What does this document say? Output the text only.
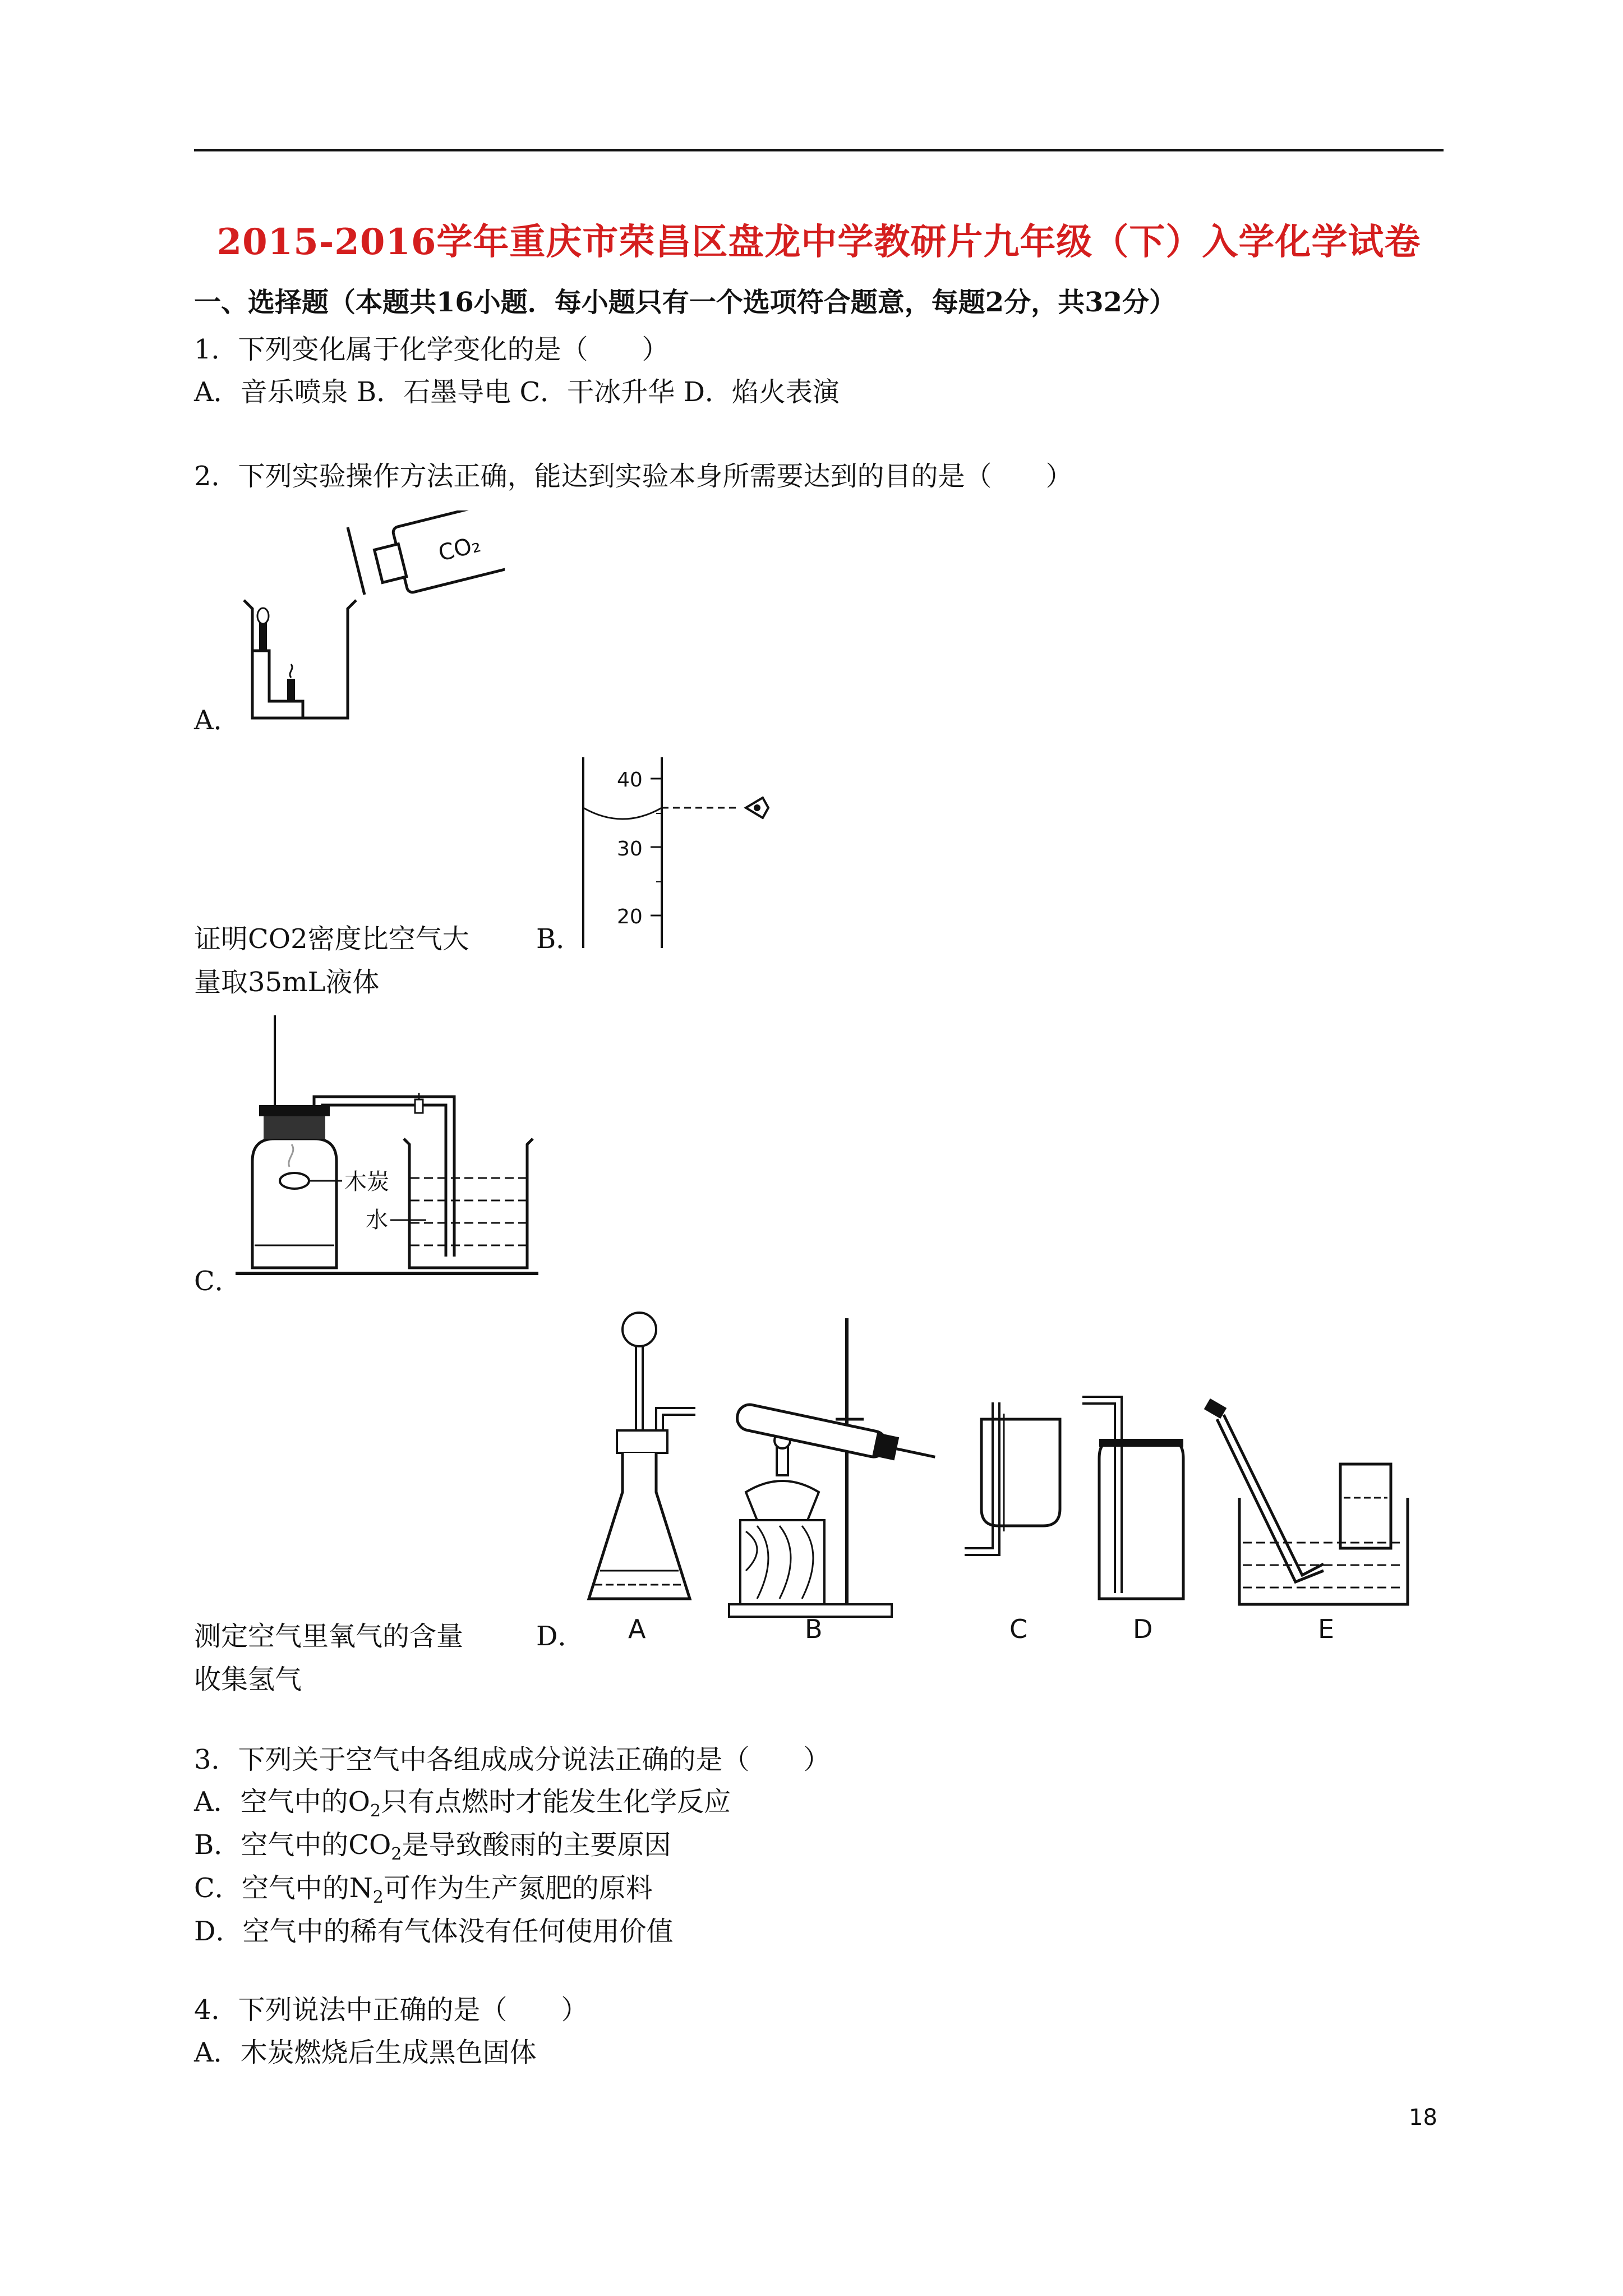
2015-2016学年重庆市荣昌区盘龙中学教研片九年级（下）入学化学试卷
一、选择题（本题共16小题．每小题只有一个选项符合题意，每题2分，共32分）
1．下列变化属于化学变化的是（　　）
A．音乐喷泉 B．石墨导电 C．干冰升华 D．焰火表演
2．下列实验操作方法正确，能达到实验本身所需要达到的目的是（　　）
CO₂
A．
40
30
20
证明CO2密度比空气大 B．
量取35mL液体
木炭
水
C．
A	B	C	D	E
测定空气里氧气的含量	D．
收集氢气
3．下列关于空气中各组成成分说法正确的是（　　）
A．空气中的$O_2$只有点燃时才能发生化学反应
B．空气中的$CO_2$是导致酸雨的主要原因
C．空气中的$N_2$可作为生产氮肥的原料
D．空气中的稀有气体没有任何使用价值
4．下列说法中正确的是（　　）
A．木炭燃烧后生成黑色固体
18
